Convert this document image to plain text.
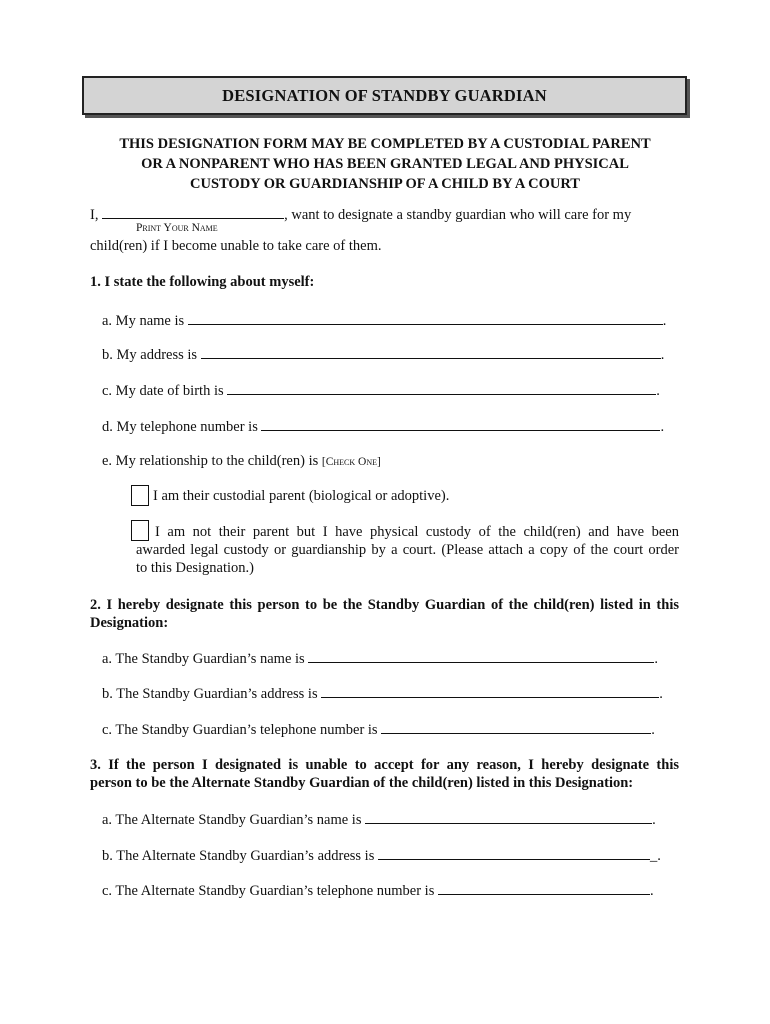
DESIGNATION OF STANDBY GUARDIAN
THIS DESIGNATION FORM MAY BE COMPLETED BY A CUSTODIAL PARENT
OR A NONPARENT WHO HAS BEEN GRANTED LEGAL AND PHYSICAL
CUSTODY OR GUARDIANSHIP OF A CHILD BY A COURT
I,	, want to designate a standby guardian who will care for my
Print Your Name
child(ren) if I become unable to take care of them.
1. I state the following about myself:
a. My name is	.
b. My address is	.
c. My date of birth is	.
d. My telephone number is	.
e. My relationship to the child(ren) is [Check One]
I am their custodial parent (biological or adoptive).
I am not their parent but I have physical custody of the child(ren) and have been
awarded legal custody or guardianship by a court. (Please attach a copy of the court order
to this Designation.)
2. I hereby designate this person to be the Standby Guardian of the child(ren) listed in this
Designation:
a. The Standby Guardian’s name is	.
b. The Standby Guardian’s address is	.
c. The Standby Guardian’s telephone number is	.
3. If the person I designated is unable to accept for any reason, I hereby designate this
person to be the Alternate Standby Guardian of the child(ren) listed in this Designation:
a. The Alternate Standby Guardian’s name is	.
b. The Alternate Standby Guardian’s address is	_.
c. The Alternate Standby Guardian’s telephone number is	.
